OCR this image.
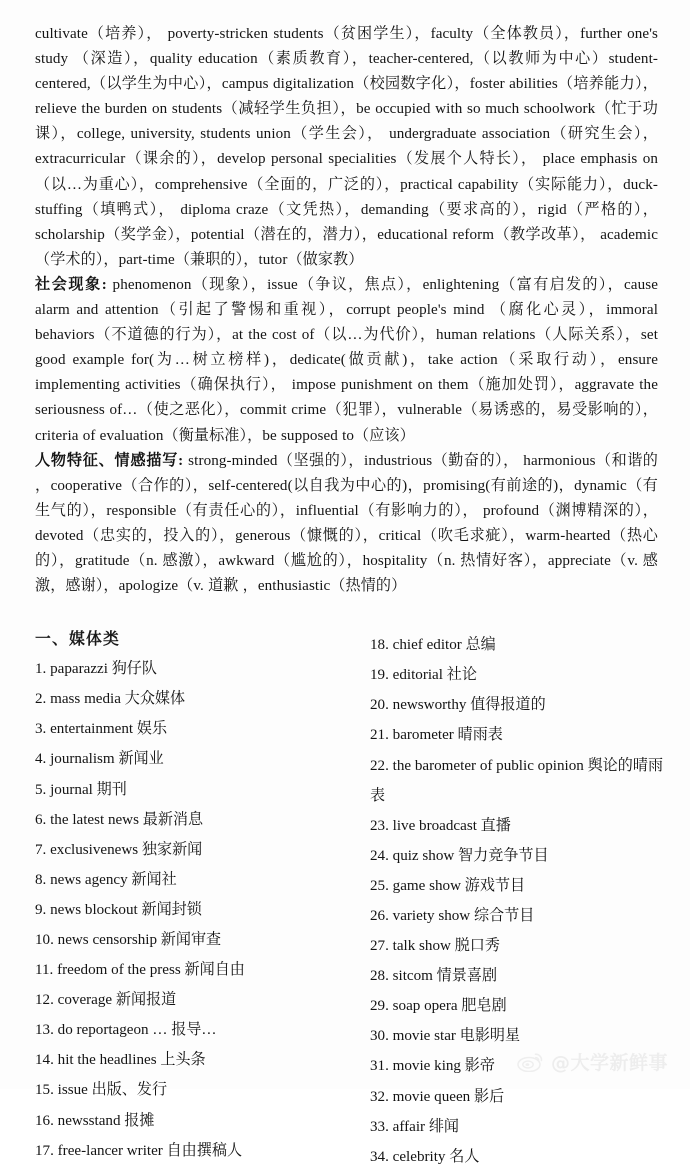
cultivate（培养）， poverty-stricken students（贫困学生），faculty（全体教员），further one's study （深造），quality education（素质教育），teacher-centered,（以教师为中心）student-centered,（以学生为中心），campus digitalization（校园数字化），foster abilities（培养能力），relieve the burden on students（减轻学生负担），be occupied with so much schoolwork（忙于功课），college, university, students union（学生会）， undergraduate association（研究生会），extracurricular（课余的），develop personal specialities（发展个人特长）， place emphasis on（以…为重心），comprehensive（全面的，广泛的），practical capability（实际能力），duck-stuffing（填鸭式）， diploma craze（文凭热），demanding（要求高的），rigid（严格的），scholarship（奖学金），potential（潜在的，潜力），educational reform（教学改革）， academic（学术的），part-time（兼职的），tutor（做家教）

社会现象: phenomenon（现象），issue（争议，焦点），enlightening（富有启发的），cause alarm and attention（引起了警惕和重视），corrupt people's mind （腐化心灵），immoral behaviors（不道德的行为），at the cost of（以…为代价），human relations（人际关系），set good example for(为…树立榜样)，dedicate(做贡献)，take action（采取行动），ensure implementing activities（确保执行）， impose punishment on them（施加处罚），aggravate the seriousness of…（使之恶化），commit crime（犯罪），vulnerable（易诱惑的，易受影响的），criteria of evaluation（衡量标准），be supposed to（应该）

人物特征、情感描写: strong-minded（坚强的），industrious（勤奋的）， harmonious（和谐的 ，cooperative（合作的），self-centered(以自我为中心的)，promising(有前途的)，dynamic（有生气的），responsible（有责任心的），influential（有影响力的）， profound（渊博精深的），devoted（忠实的，投入的），generous（慷慨的），critical（吹毛求疵），warm-hearted（热心的），gratitude（n. 感激），awkward（尴尬的），hospitality（n. 热情好客），appreciate（v. 感激，感谢），apologize（v. 道歉 ，enthusiastic（热情的）

一、媒体类
1. paparazzi 狗仔队
2. mass media 大众媒体
3. entertainment 娱乐
4. journalism 新闻业
5. journal 期刊
6. the latest news 最新消息
7. exclusivenews 独家新闻
8. news agency 新闻社
9. news blockout 新闻封锁
10. news censorship 新闻审查
11. freedom of the press 新闻自由
12. coverage 新闻报道
13. do reportageon … 报导…
14. hit the headlines 上头条
15. issue 出版、发行
16. newsstand 报摊
17. free-lancer writer 自由撰稿人
18. chief editor 总编
19. editorial 社论
20. newsworthy 值得报道的
21. barometer 晴雨表
22. the barometer of public opinion 舆论的晴雨表
23. live broadcast 直播
24. quiz show 智力竞争节目
25. game show 游戏节目
26. variety show 综合节目
27. talk show 脱口秀
28. sitcom 情景喜剧
29. soap opera 肥皂剧
30. movie star 电影明星
31. movie king 影帝
32. movie queen 影后
33. affair 绯闻
34. celebrity 名人
@大学新鲜事
